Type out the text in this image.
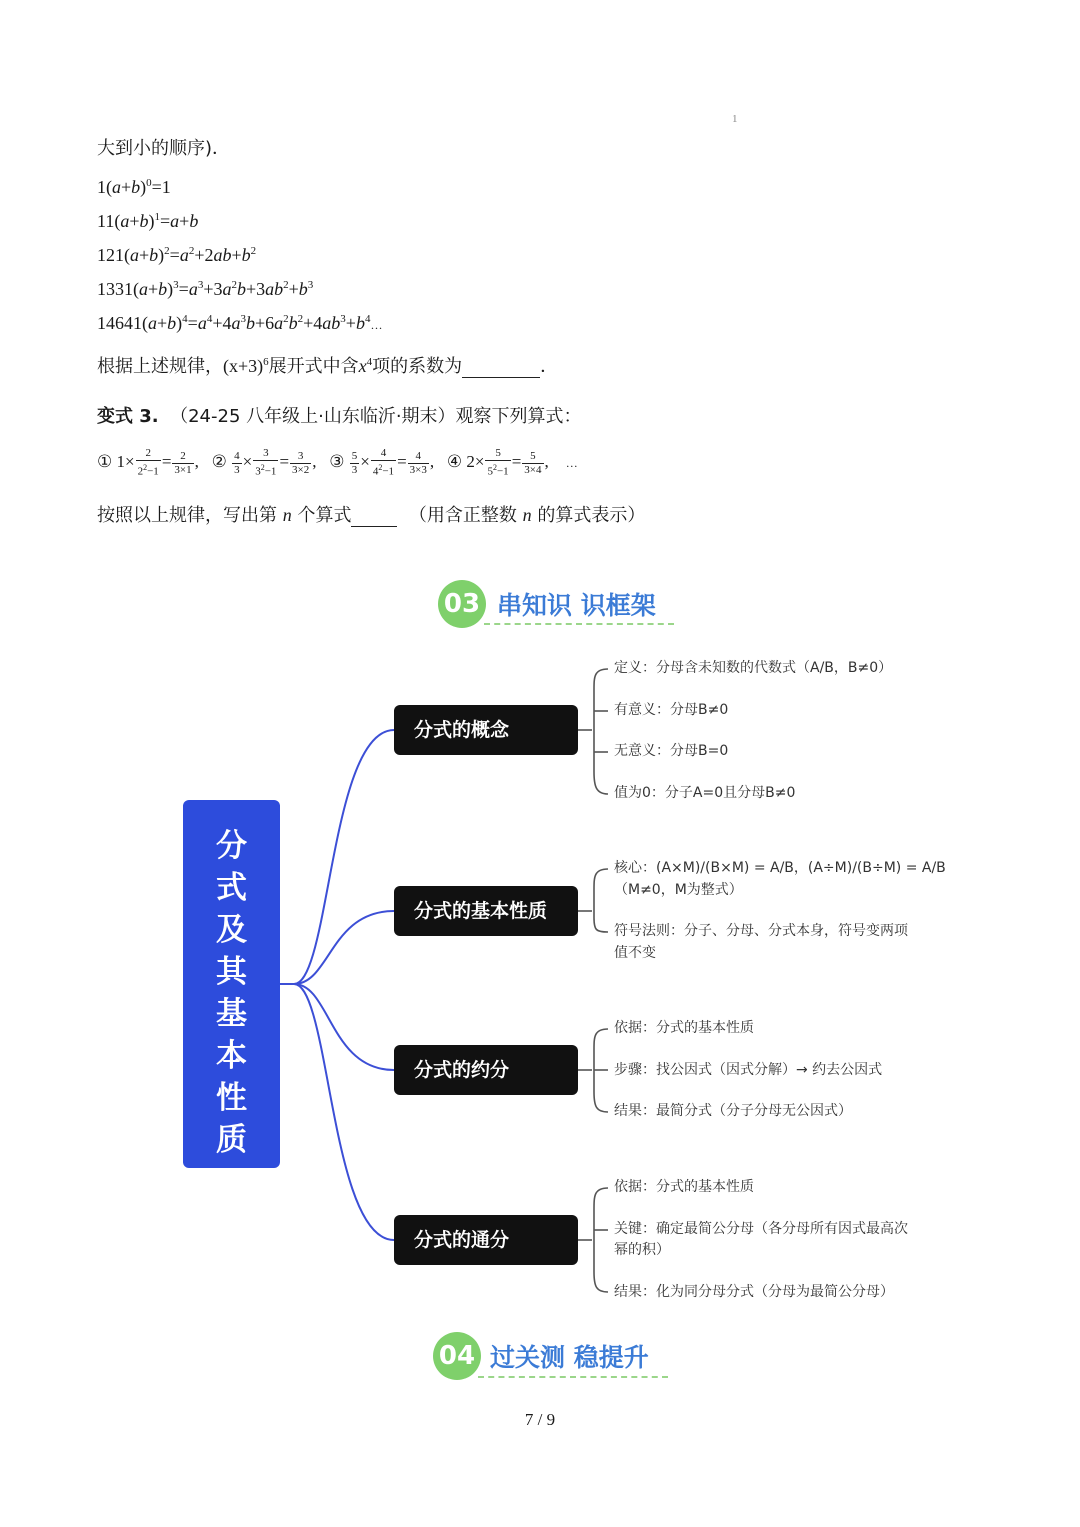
1
大到小的顺序)．
$1(a+b)^0=1$
$11(a+b)^1=a+b$
$121(a+b)^2=a^2+2ab+b^2$
$1331(a+b)^3=a^3+3a^2b+3ab^2+b^3$
$14641(a+b)^4=a^4+4a^3b+6a^2b^2+4ab^3+b^4\dots$
根据上述规律，$(x+3)^6$展开式中含$x^4$项的系数为	．
变式 3. （24-25 八年级上·山东临沂·期末）观察下列算式：
① $1\times \frac{2}{2^2-1} = \frac{2}{3\times 1}$ ,   ② $\frac{4}{3} \times \frac{3}{3^2-1} = \frac{3}{3\times 2}$ ,   ③ $\frac{5}{3} \times \frac{4}{4^2-1} = \frac{4}{3\times 3}$ ,   ④ $2\times \frac{5}{5^2-1} = \frac{5}{3\times 4}$ ,    …
按照以上规律，写出第 n 个算式	（用含正整数 n 的算式表示）
03 串知识 识框架
分
式
及
其
基
本
性
质
分式的概念
分式的基本性质
分式的约分
分式的通分
定义：分母含未知数的代数式（A/B，B≠0）
有意义：分母B≠0
无意义：分母B=0
值为0：分子A=0且分母B≠0
核心：(A×M)/(B×M) = A/B，(A÷M)/(B÷M) = A/B
（M≠0，M为整式）
符号法则：分子、分母、分式本身，符号变两项
值不变
依据：分式的基本性质
步骤：找公因式（因式分解）→ 约去公因式
结果：最简分式（分子分母无公因式）
依据：分式的基本性质
关键：确定最简公分母（各分母所有因式最高次
幂的积）
结果：化为同分母分式（分母为最简公分母）
04 过关测 稳提升
7 / 9
